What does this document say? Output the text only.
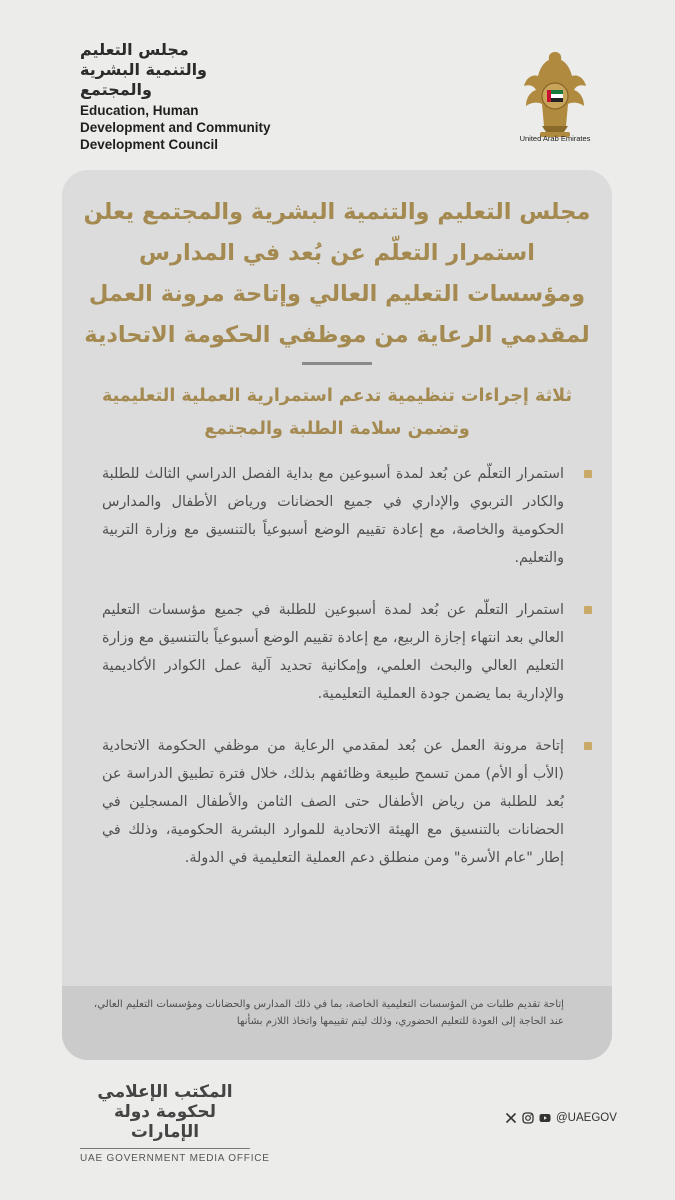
مجلس التعليم
والتنمية البشرية
والمجتمع
Education, Human
Development and Community
Development Council	United Arab Emirates
مجلس التعليم والتنمية البشرية والمجتمع يعلن استمرار التعلّم عن بُعد في المدارس ومؤسسات التعليم العالي وإتاحة مرونة العمل لمقدمي الرعاية من موظفي الحكومة الاتحادية
ثلاثة إجراءات تنظيمية تدعم استمرارية العملية التعليمية وتضمن سلامة الطلبة والمجتمع
استمرار التعلّم عن بُعد لمدة أسبوعين مع بداية الفصل الدراسي الثالث للطلبة والكادر التربوي والإداري في جميع الحضانات ورياض الأطفال والمدارس الحكومية والخاصة، مع إعادة تقييم الوضع أسبوعياً بالتنسيق مع وزارة التربية والتعليم.
استمرار التعلّم عن بُعد لمدة أسبوعين للطلبة في جميع مؤسسات التعليم العالي بعد انتهاء إجازة الربيع، مع إعادة تقييم الوضع أسبوعياً بالتنسيق مع وزارة التعليم العالي والبحث العلمي، وإمكانية تحديد آلية عمل الكوادر الأكاديمية والإدارية بما يضمن جودة العملية التعليمية.
إتاحة مرونة العمل عن بُعد لمقدمي الرعاية من موظفي الحكومة الاتحادية (الأب أو الأم) ممن تسمح طبيعة وظائفهم بذلك، خلال فترة تطبيق الدراسة عن بُعد للطلبة من رياض الأطفال حتى الصف الثامن والأطفال المسجلين في الحضانات بالتنسيق مع الهيئة الاتحادية للموارد البشرية الحكومية، وذلك في إطار "عام الأسرة" ومن منطلق دعم العملية التعليمية في الدولة.
إتاحة تقديم طلبات من المؤسسات التعليمية الخاصة، بما في ذلك المدارس والحضانات ومؤسسات التعليم العالي، عند الحاجة إلى العودة للتعليم الحضوري، وذلك ليتم تقييمها واتخاذ اللازم بشأنها
المكتب الإعلامي
لحكومة دولة الإمارات
UAE GOVERNMENT MEDIA OFFICE
@UAEGOV
